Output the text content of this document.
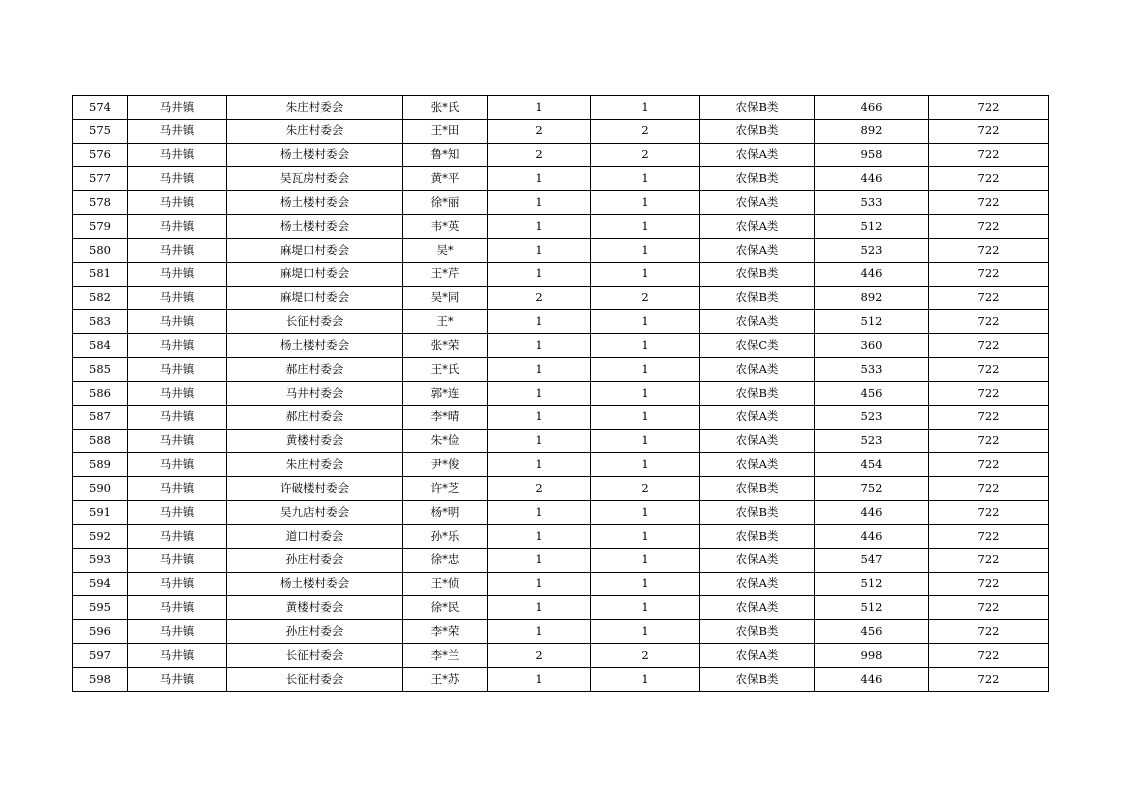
574	马井镇	朱庄村委会	张*氏	1	1	农保B类	466	722
575	马井镇	朱庄村委会	王*田	2	2	农保B类	892	722
576	马井镇	杨土楼村委会	鲁*知	2	2	农保A类	958	722
577	马井镇	吴瓦房村委会	黄*平	1	1	农保B类	446	722
578	马井镇	杨土楼村委会	徐*丽	1	1	农保A类	533	722
579	马井镇	杨土楼村委会	韦*英	1	1	农保A类	512	722
580	马井镇	麻堤口村委会	吴*	1	1	农保A类	523	722
581	马井镇	麻堤口村委会	王*芹	1	1	农保B类	446	722
582	马井镇	麻堤口村委会	吴*同	2	2	农保B类	892	722
583	马井镇	长征村委会	王*	1	1	农保A类	512	722
584	马井镇	杨土楼村委会	张*荣	1	1	农保C类	360	722
585	马井镇	郝庄村委会	王*氏	1	1	农保A类	533	722
586	马井镇	马井村委会	郭*连	1	1	农保B类	456	722
587	马井镇	郝庄村委会	李*晴	1	1	农保A类	523	722
588	马井镇	黄楼村委会	朱*俭	1	1	农保A类	523	722
589	马井镇	朱庄村委会	尹*俊	1	1	农保A类	454	722
590	马井镇	许破楼村委会	许*芝	2	2	农保B类	752	722
591	马井镇	吴九店村委会	杨*明	1	1	农保B类	446	722
592	马井镇	道口村委会	孙*乐	1	1	农保B类	446	722
593	马井镇	孙庄村委会	徐*忠	1	1	农保A类	547	722
594	马井镇	杨土楼村委会	王*侦	1	1	农保A类	512	722
595	马井镇	黄楼村委会	徐*民	1	1	农保A类	512	722
596	马井镇	孙庄村委会	李*荣	1	1	农保B类	456	722
597	马井镇	长征村委会	李*兰	2	2	农保A类	998	722
598	马井镇	长征村委会	王*苏	1	1	农保B类	446	722
